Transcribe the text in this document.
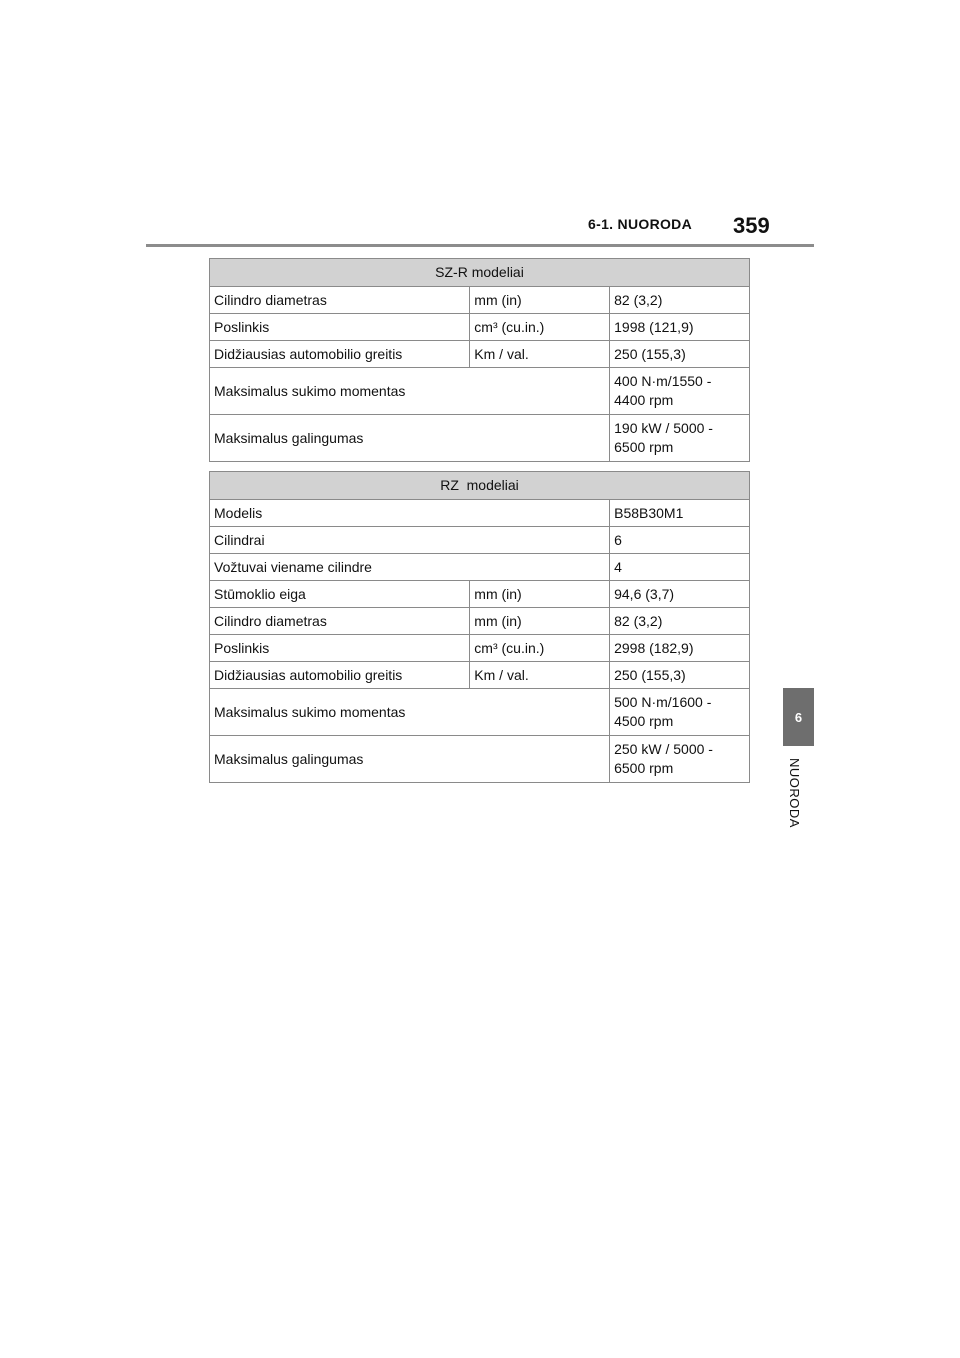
6-1. NUORODA 359
6
NUORODA
SZ-R modeliai		
Cilindro diametras	mm (in)	82 (3,2)
Poslinkis	cm³ (cu.in.)	1998 (121,9)
Didžiausias automobilio greitis	Km / val.	250 (155,3)
Maksimalus sukimo momentas		400 N·m/1550 -
4400 rpm
Maksimalus galingumas		190 kW / 5000 -
6500 rpm
RZ  modeliai		
Modelis		B58B30M1
Cilindrai		6
Vožtuvai viename cilindre		4
Stūmoklio eiga	mm (in)	94,6 (3,7)
Cilindro diametras	mm (in)	82 (3,2)
Poslinkis	cm³ (cu.in.)	2998 (182,9)
Didžiausias automobilio greitis	Km / val.	250 (155,3)
Maksimalus sukimo momentas		500 N·m/1600 -
4500 rpm
Maksimalus galingumas		250 kW / 5000 -
6500 rpm
